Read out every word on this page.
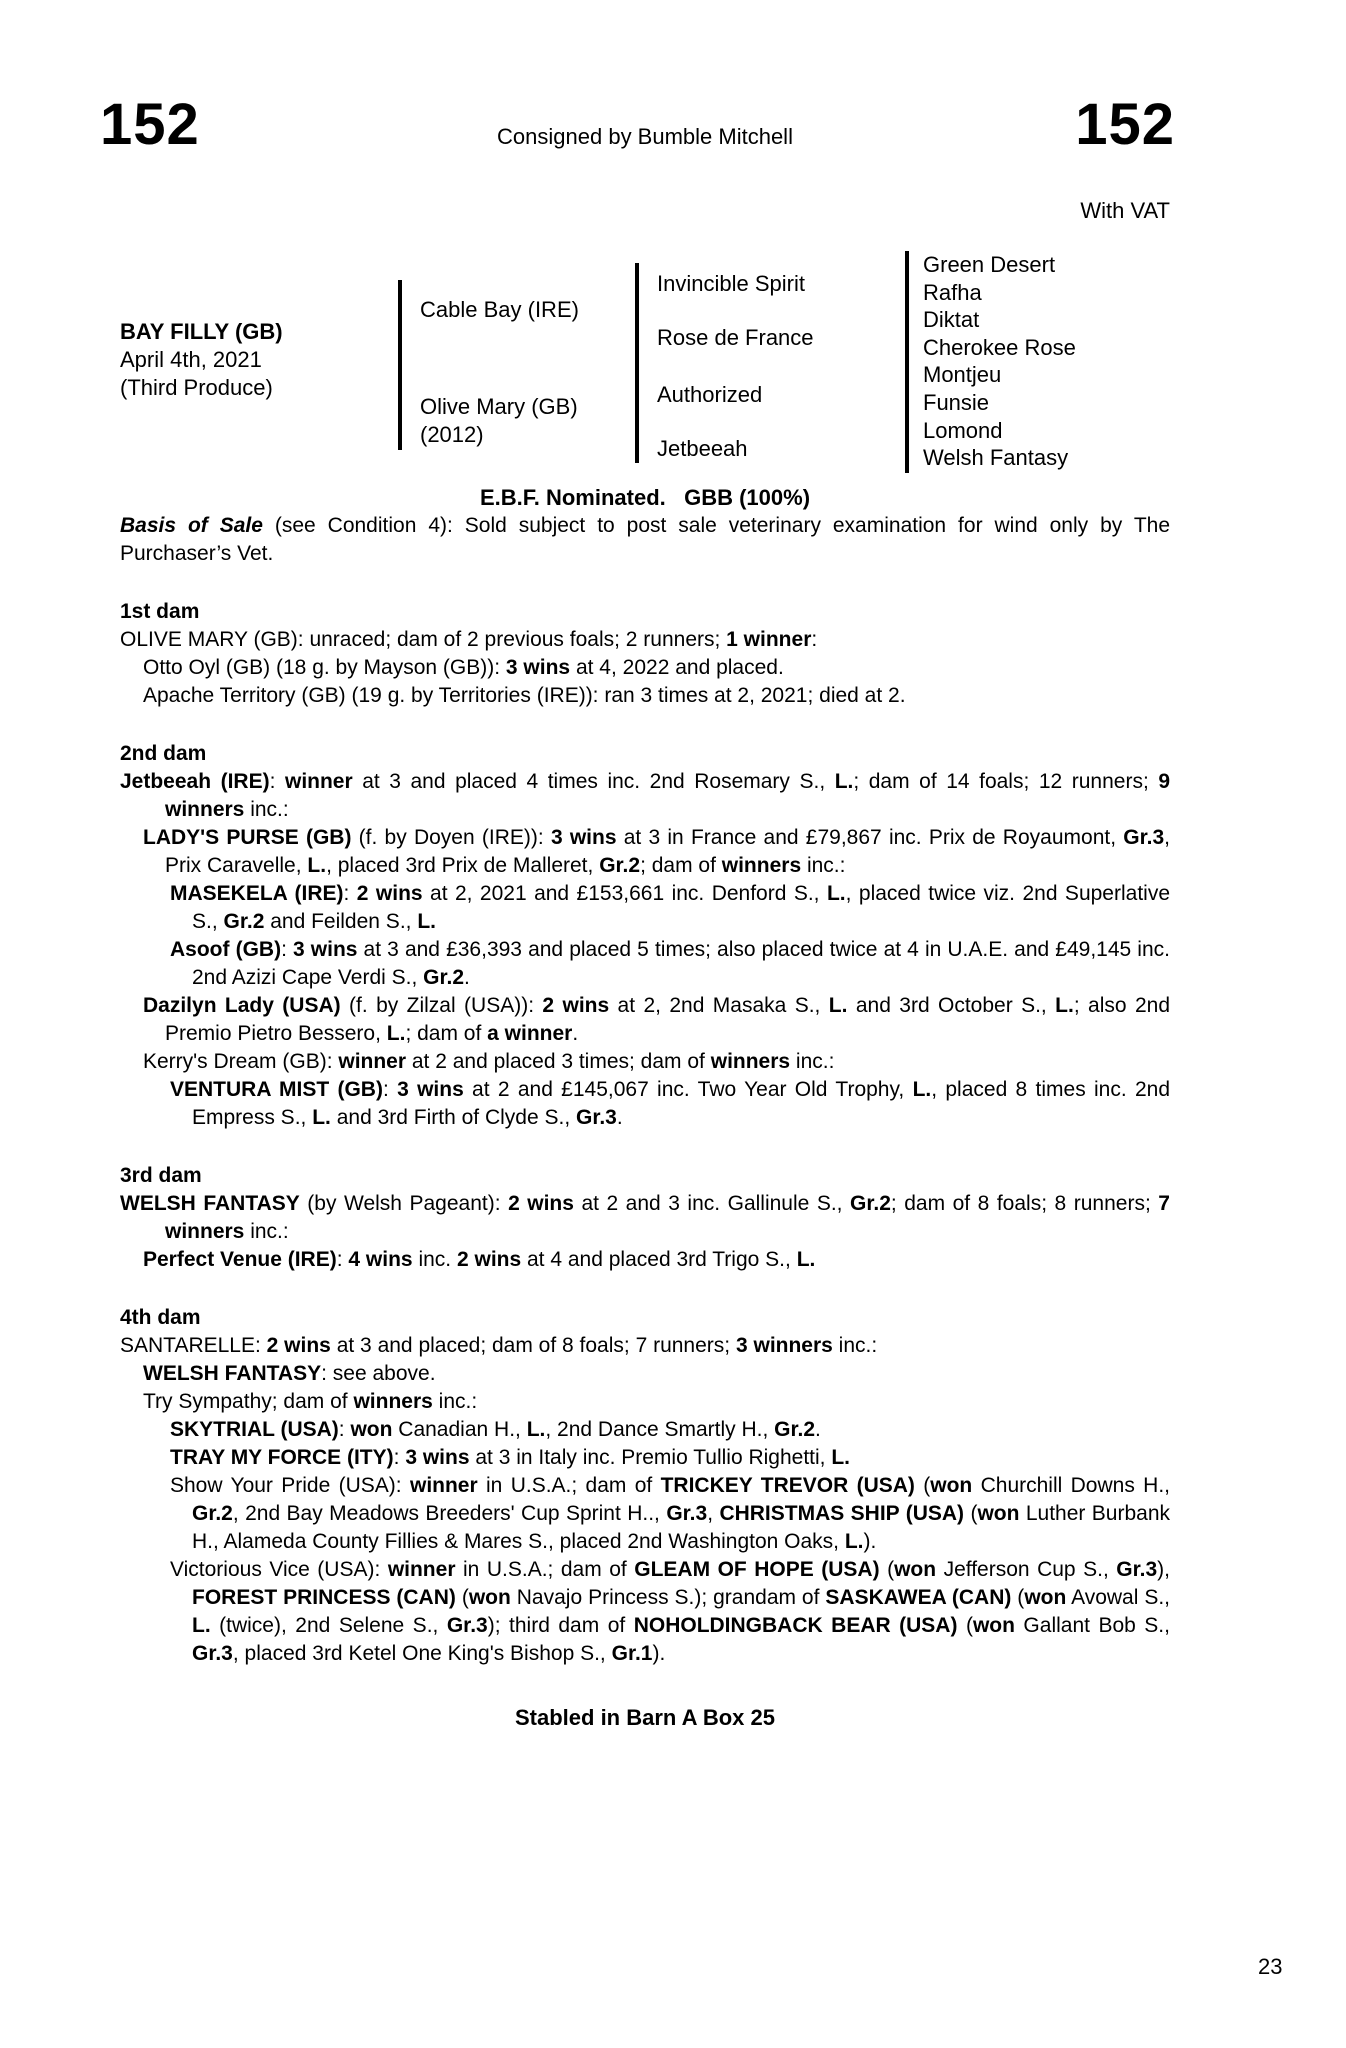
152	Consigned by Bumble Mitchell	152
With VAT
BAY FILLY (GB)
April 4th, 2021
(Third Produce)
Cable Bay (IRE)
Olive Mary (GB)
(2012)
Invincible Spirit
Rose de France
Authorized
Jetbeeah
Green Desert
Rafha
Diktat
Cherokee Rose
Montjeu
Funsie
Lomond
Welsh Fantasy
E.B.F. Nominated.   GBB (100%)

Basis of Sale (see Condition 4): Sold subject to post sale veterinary examination for wind only by The Purchaser’s Vet.

1st dam

OLIVE MARY (GB): unraced; dam of 2 previous foals; 2 runners; 1 winner:

Otto Oyl (GB) (18 g. by Mayson (GB)): 3 wins at 4, 2022 and placed.

Apache Territory (GB) (19 g. by Territories (IRE)): ran 3 times at 2, 2021; died at 2.

2nd dam

Jetbeeah (IRE): winner at 3 and placed 4 times inc. 2nd Rosemary S., L.; dam of 14 foals; 12 runners; 9 winners inc.:

LADY'S PURSE (GB) (f. by Doyen (IRE)): 3 wins at 3 in France and £79,867 inc. Prix de Royaumont, Gr.3, Prix Caravelle, L., placed 3rd Prix de Malleret, Gr.2; dam of winners inc.:

MASEKELA (IRE): 2 wins at 2, 2021 and £153,661 inc. Denford S., L., placed twice viz. 2nd Superlative S., Gr.2 and Feilden S., L.

Asoof (GB): 3 wins at 3 and £36,393 and placed 5 times; also placed twice at 4 in U.A.E. and £49,145 inc. 2nd Azizi Cape Verdi S., Gr.2.

Dazilyn Lady (USA) (f. by Zilzal (USA)): 2 wins at 2, 2nd Masaka S., L. and 3rd October S., L.; also 2nd Premio Pietro Bessero, L.; dam of a winner.

Kerry's Dream (GB): winner at 2 and placed 3 times; dam of winners inc.:

VENTURA MIST (GB): 3 wins at 2 and £145,067 inc. Two Year Old Trophy, L., placed 8 times inc. 2nd Empress S., L. and 3rd Firth of Clyde S., Gr.3.

3rd dam

WELSH FANTASY (by Welsh Pageant): 2 wins at 2 and 3 inc. Gallinule S., Gr.2; dam of 8 foals; 8 runners; 7 winners inc.:

Perfect Venue (IRE): 4 wins inc. 2 wins at 4 and placed 3rd Trigo S., L.

4th dam

SANTARELLE: 2 wins at 3 and placed; dam of 8 foals; 7 runners; 3 winners inc.:

WELSH FANTASY: see above.

Try Sympathy; dam of winners inc.:

SKYTRIAL (USA): won Canadian H., L., 2nd Dance Smartly H., Gr.2.

TRAY MY FORCE (ITY): 3 wins at 3 in Italy inc. Premio Tullio Righetti, L.

Show Your Pride (USA): winner in U.S.A.; dam of TRICKEY TREVOR (USA) (won Churchill Downs H., Gr.2, 2nd Bay Meadows Breeders' Cup Sprint H.., Gr.3, CHRISTMAS SHIP (USA) (won Luther Burbank H., Alameda County Fillies & Mares S., placed 2nd Washington Oaks, L.).

Victorious Vice (USA): winner in U.S.A.; dam of GLEAM OF HOPE (USA) (won Jefferson Cup S., Gr.3), FOREST PRINCESS (CAN) (won Navajo Princess S.); grandam of SASKAWEA (CAN) (won Avowal S., L. (twice), 2nd Selene S., Gr.3); third dam of NOHOLDINGBACK BEAR (USA) (won Gallant Bob S., Gr.3, placed 3rd Ketel One King's Bishop S., Gr.1).

Stabled in Barn A Box 25
23
